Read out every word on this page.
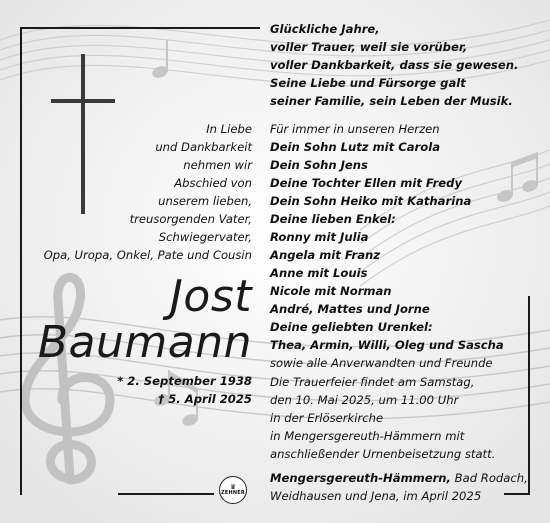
Glückliche Jahre,
voller Trauer, weil sie vorüber,
voller Dankbarkeit, dass sie gewesen.
Seine Liebe und Fürsorge galt
seiner Familie, sein Leben der Musik.
In Liebe
und Dankbarkeit
nehmen wir
Abschied von
unserem lieben,
treusorgenden Vater,
Schwiegervater,
Opa, Uropa, Onkel, Pate und Cousin
Für immer in unseren Herzen
Dein Sohn Lutz mit Carola
Dein Sohn Jens
Deine Tochter Ellen mit Fredy
Dein Sohn Heiko mit Katharina
Deine lieben Enkel:
Ronny mit Julia
Angela mit Franz
Anne mit Louis
Nicole mit Norman
André, Mattes und Jorne
Deine geliebten Urenkel:
Thea, Armin, Willi, Oleg und Sascha
sowie alle Anverwandten und Freunde
Jost
Baumann
* 2. September 1938
† 5. April 2025
Die Trauerfeier findet am Samstag,
den 10. Mai 2025, um 11.00 Uhr
in der Erlöserkirche
in Mengersgereuth-Hämmern mit
anschließender Urnenbeisetzung statt.
Mengersgereuth-Hämmern, Bad Rodach,
Weidhausen und Jena, im April 2025
♛
ZEHNER
